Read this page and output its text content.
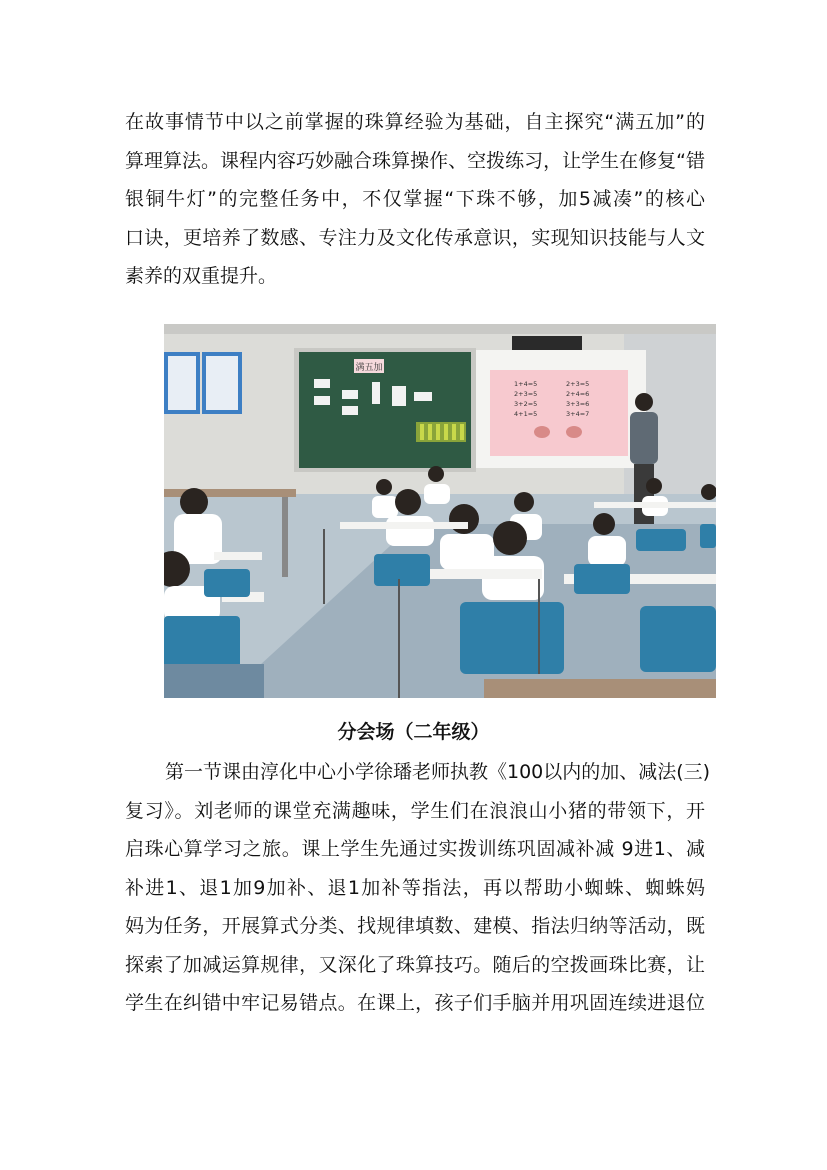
在故事情节中以之前掌握的珠算经验为基础，自主探究“满五加”的
算理算法。课程内容巧妙融合珠算操作、空拨练习，让学生在修复“错
银铜牛灯”的完整任务中，不仅掌握“下珠不够，加5减凑”的核心
口诀，更培养了数感、专注力及文化传承意识，实现知识技能与人文
素养的双重提升。
满五加
1+4=5
2+3=5
3+2=5
4+1=5
2+3=5
2+4=6
3+3=6
3+4=7
分会场（二年级）
第一节课由淳化中心小学徐璠老师执教《100以内的加、减法(三)
复习》。刘老师的课堂充满趣味，学生们在浪浪山小猪的带领下，开
启珠心算学习之旅。课上学生先通过实拨训练巩固减补减 9进1、减
补进1、退1加9加补、退1加补等指法，再以帮助小蜘蛛、蜘蛛妈
妈为任务，开展算式分类、找规律填数、建模、指法归纳等活动，既
探索了加减运算规律，又深化了珠算技巧。随后的空拨画珠比赛，让
学生在纠错中牢记易错点。在课上，孩子们手脑并用巩固连续进退位
